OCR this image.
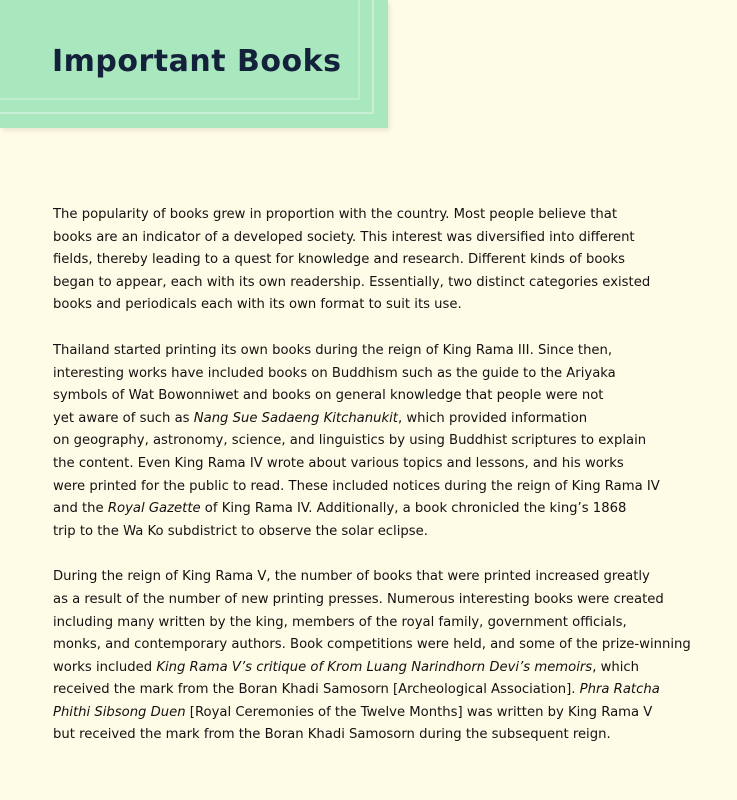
Important Books

The popularity of books grew in proportion with the country. Most people believe that
books are an indicator of a developed society. This interest was diversified into different
fields, thereby leading to a quest for knowledge and research. Different kinds of books
began to appear, each with its own readership. Essentially, two distinct categories existed
books and periodicals each with its own format to suit its use.

Thailand started printing its own books during the reign of King Rama III. Since then,
interesting works have included books on Buddhism such as the guide to the Ariyaka
symbols of Wat Bowonniwet and books on general knowledge that people were not
yet aware of such as Nang Sue Sadaeng Kitchanukit, which provided information
on geography, astronomy, science, and linguistics by using Buddhist scriptures to explain
the content. Even King Rama IV wrote about various topics and lessons, and his works
were printed for the public to read. These included notices during the reign of King Rama IV
and the Royal Gazette of King Rama IV. Additionally, a book chronicled the king’s 1868
trip to the Wa Ko subdistrict to observe the solar eclipse.

During the reign of King Rama V, the number of books that were printed increased greatly
as a result of the number of new printing presses. Numerous interesting books were created
including many written by the king, members of the royal family, government officials,
monks, and contemporary authors. Book competitions were held, and some of the prize-winning
works included King Rama V’s critique of Krom Luang Narindhorn Devi’s memoirs, which
received the mark from the Boran Khadi Samosorn [Archeological Association]. Phra Ratcha
Phithi Sibsong Duen [Royal Ceremonies of the Twelve Months] was written by King Rama V
but received the mark from the Boran Khadi Samosorn during the subsequent reign.
